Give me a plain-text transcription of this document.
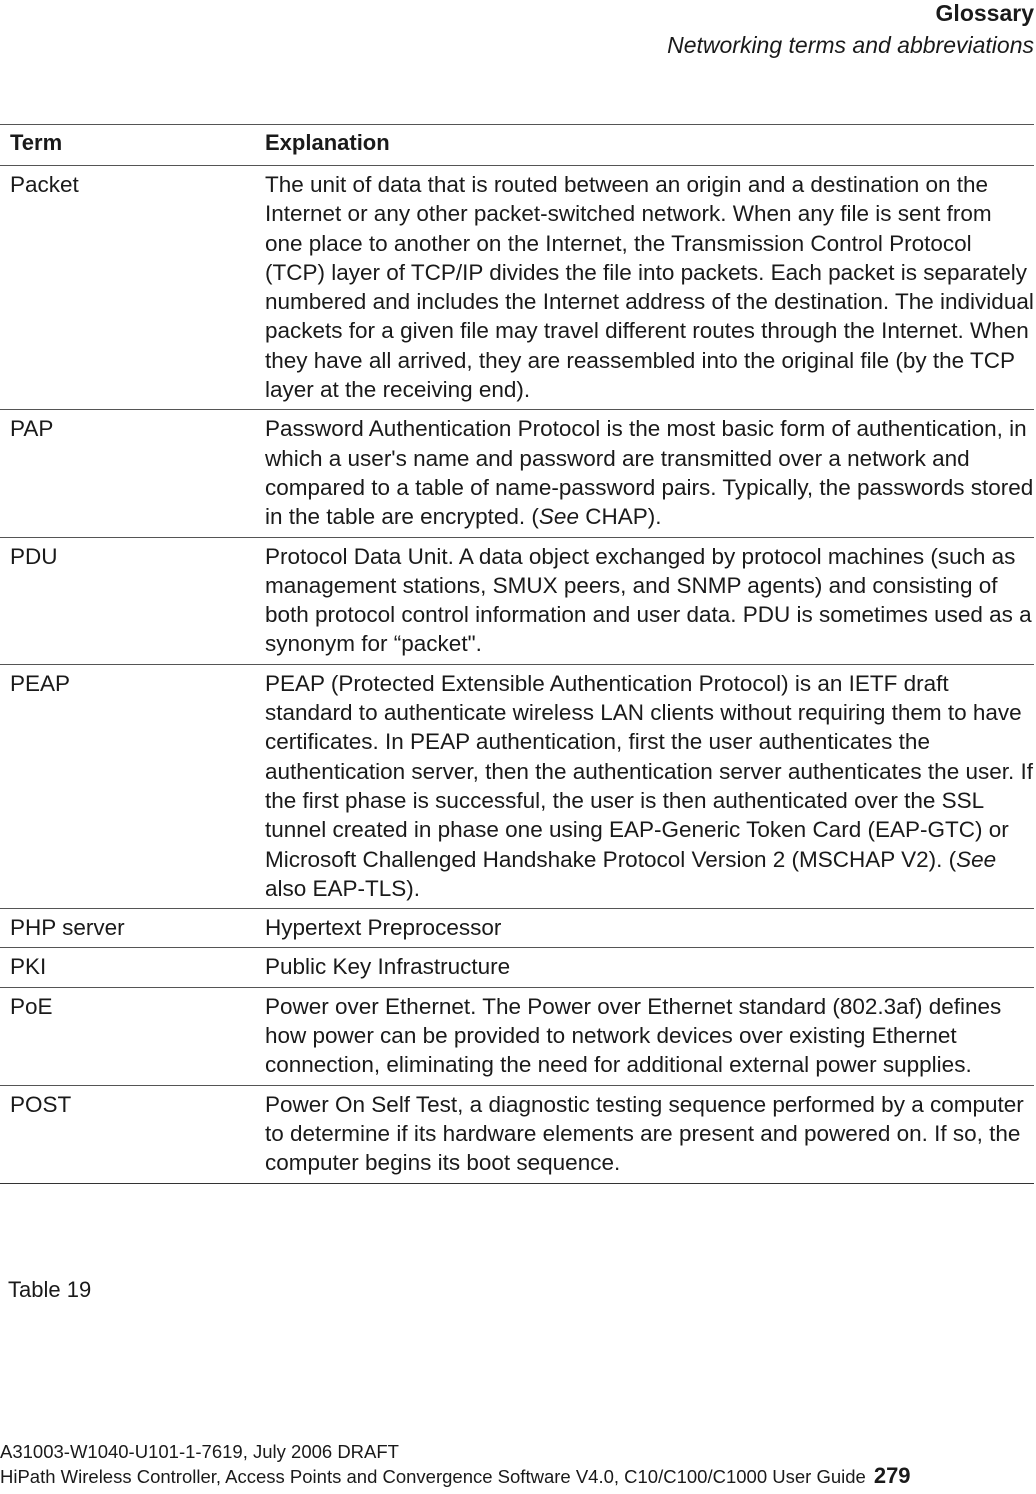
Glossary
Networking terms and abbreviations
Term	Explanation
Packet	The unit of data that is routed between an origin and a destination on the Internet or any other packet-switched network. When any file is sent from one place to another on the Internet, the Transmission Control Protocol (TCP) layer of TCP/IP divides the file into packets. Each packet is separately numbered and includes the Internet address of the destination. The individual packets for a given file may travel different routes through the Internet. When they have all arrived, they are reassembled into the original file (by the TCP layer at the receiving end).
PAP	Password Authentication Protocol is the most basic form of authentication, in which a user's name and password are transmitted over a network and compared to a table of name-password pairs. Typically, the passwords stored in the table are encrypted. (See CHAP).
PDU	Protocol Data Unit. A data object exchanged by protocol machines (such as management stations, SMUX peers, and SNMP agents) and consisting of both protocol control information and user data. PDU is sometimes used as a synonym for “packet".
PEAP	PEAP (Protected Extensible Authentication Protocol) is an IETF draft standard to authenticate wireless LAN clients without requiring them to have certificates. In PEAP authentication, first the user authenticates the authentication server, then the authentication server authenticates the user. If the first phase is successful, the user is then authenticated over the SSL tunnel created in phase one using EAP-Generic Token Card (EAP-GTC) or Microsoft Challenged Handshake Protocol Version 2 (MSCHAP V2). (See also EAP-TLS).
PHP server	Hypertext Preprocessor
PKI	Public Key Infrastructure
PoE	Power over Ethernet. The Power over Ethernet standard (802.3af) defines how power can be provided to network devices over existing Ethernet connection, eliminating the need for additional external power supplies.
POST	Power On Self Test, a diagnostic testing sequence performed by a computer to determine if its hardware elements are present and powered on. If so, the computer begins its boot sequence.
Table 19
A31003-W1040-U101-1-7619, July 2006 DRAFT
HiPath Wireless Controller, Access Points and Convergence Software V4.0, C10/C100/C1000 User Guide 279
